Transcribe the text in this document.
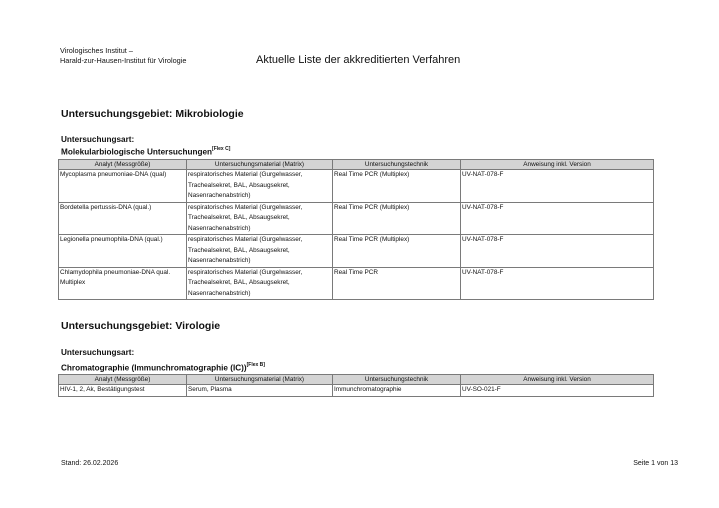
Virologisches Institut –
Harald-zur-Hausen-Institut für Virologie	Aktuelle Liste der akkreditierten Verfahren
Untersuchungsgebiet: Mikrobiologie
Untersuchungsart:
Molekularbiologische Untersuchungen[Flex C]
Analyt (Messgröße)	Untersuchungsmaterial (Matrix)	Untersuchungstechnik	Anweisung inkl. Version
Mycoplasma pneumoniae-DNA (qual)	respiratorisches Material (Gurgelwasser, Trachealsekret, BAL, Absaugsekret, Nasenrachenabstrich)	Real Time PCR (Multiplex)	UV-NAT-078-F
Bordetella pertussis-DNA (qual.)	respiratorisches Material (Gurgelwasser, Trachealsekret, BAL, Absaugsekret, Nasenrachenabstrich)	Real Time PCR (Multiplex)	UV-NAT-078-F
Legionella pneumophila-DNA (qual.)	respiratorisches Material (Gurgelwasser, Trachealsekret, BAL, Absaugsekret, Nasenrachenabstrich)	Real Time PCR (Multiplex)	UV-NAT-078-F
Chlamydophila pneumoniae-DNA qual. Multiplex	respiratorisches Material (Gurgelwasser, Trachealsekret, BAL, Absaugsekret, Nasenrachenabstrich)	Real Time PCR	UV-NAT-078-F
Untersuchungsgebiet: Virologie
Untersuchungsart:
Chromatographie (Immunchromatographie (IC))[Flex B]
Analyt (Messgröße)	Untersuchungsmaterial (Matrix)	Untersuchungstechnik	Anweisung inkl. Version
HIV-1, 2, Ak, Bestätigungstest	Serum, Plasma	Immunchromatographie	UV-SO-021-F
Stand: 26.02.2026	Seite 1 von 13
